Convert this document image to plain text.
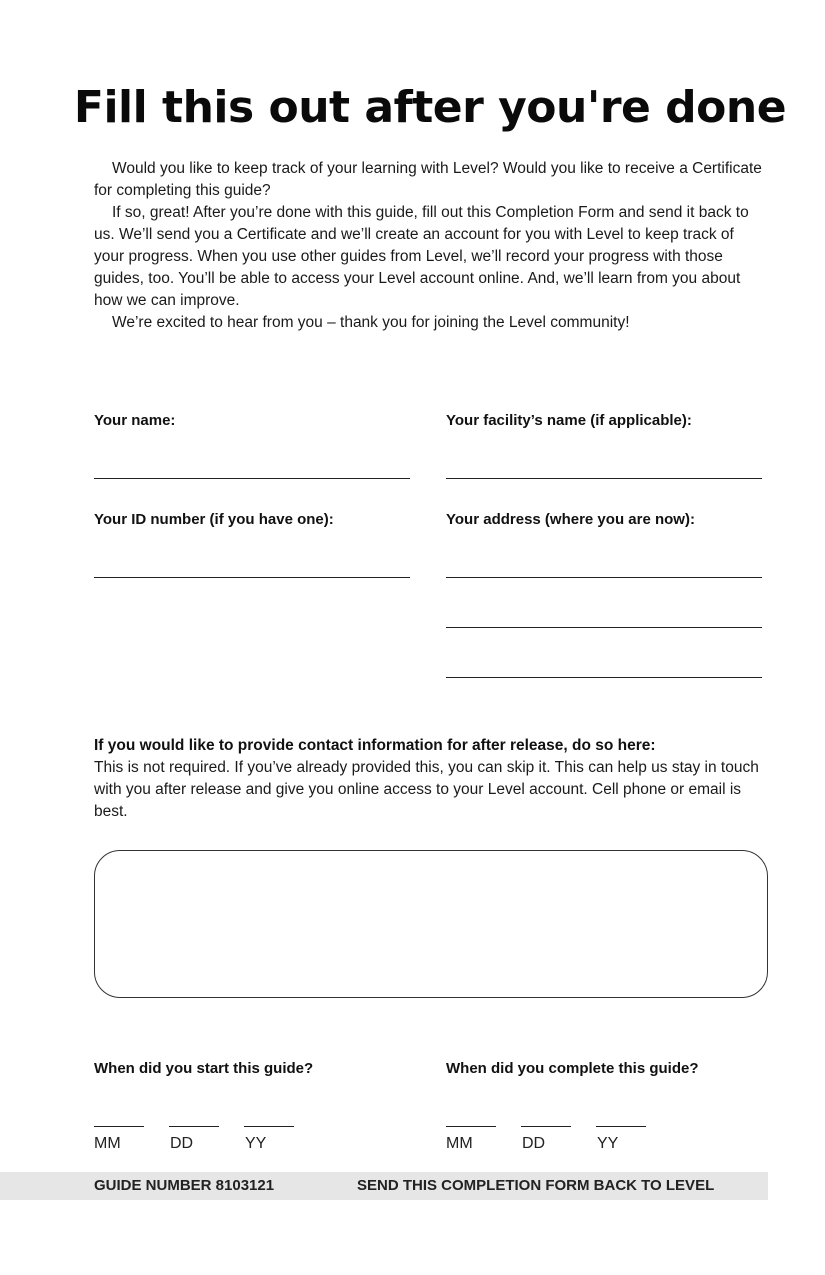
Fill this out after you're done

Would you like to keep track of your learning with Level? Would you like to receive a Certificate for completing this guide?

If so, great! After you’re done with this guide, fill out this Completion Form and send it back to us. We’ll send you a Certificate and we’ll create an account for you with Level to keep track of your progress. When you use other guides from Level, we’ll record your progress with those guides, too. You’ll be able to access your Level account online. And, we’ll learn from you about how we can improve.

We’re excited to hear from you – thank you for joining the Level community!

Your name:	Your facility’s name (if applicable):
Your ID number (if you have one):	Your address (where you are now):
If you would like to provide contact information for after release, do so here:
This is not required. If you’ve already provided this, you can skip it. This can help us stay in touch with you after release and give you online access to your Level account. Cell phone or email is best.
When did you start this guide?	When did you complete this guide?
MM	DD	YY	MM	DD	YY
GUIDE NUMBER 8103121	SEND THIS COMPLETION FORM BACK TO LEVEL
